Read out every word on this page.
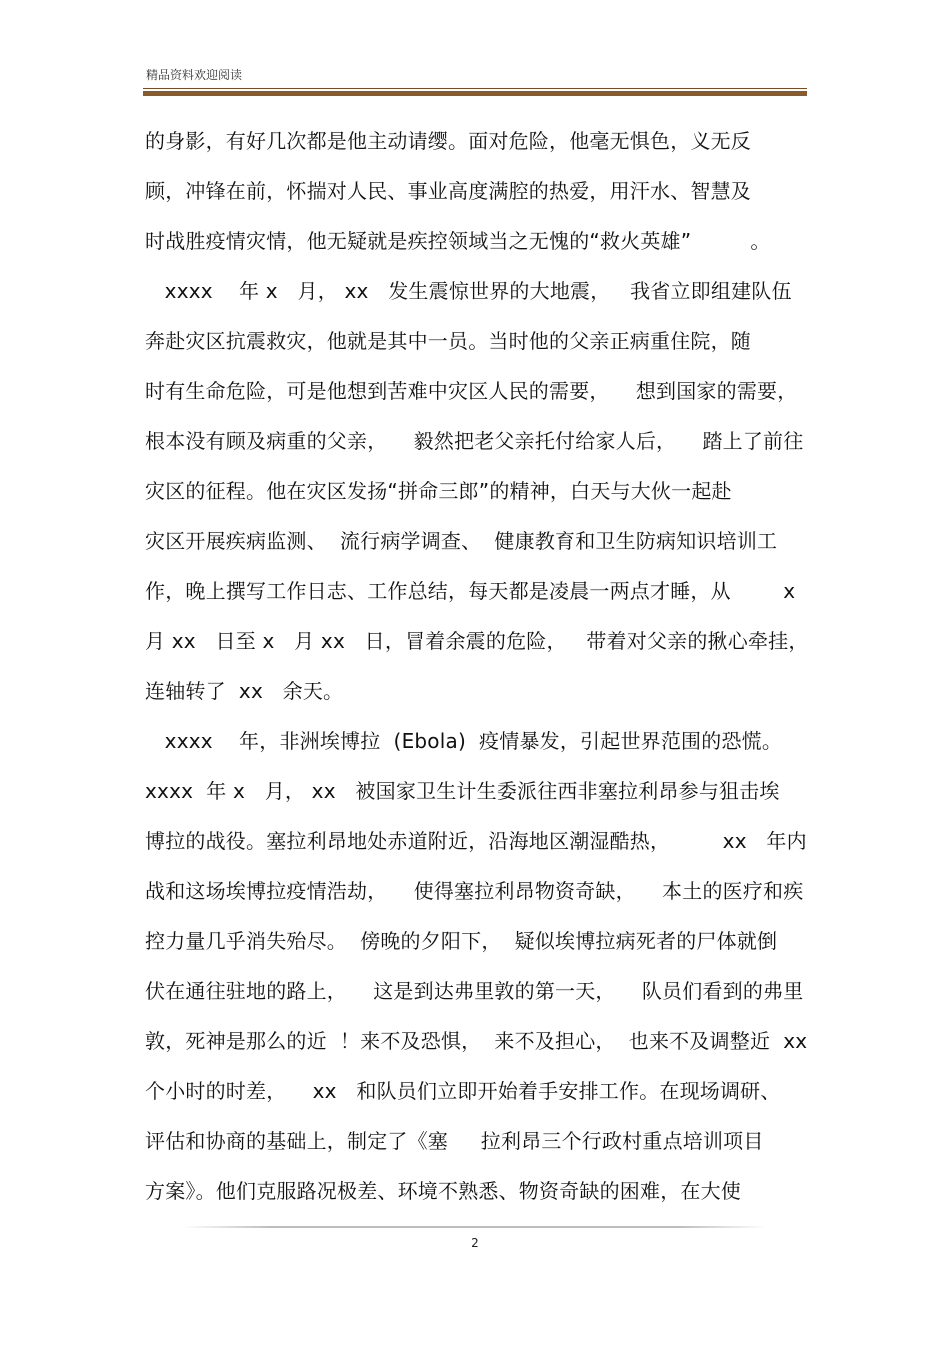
精品资料欢迎阅读
的身影，有好几次都是他主动请缨。面对危险，他毫无惧色，义无反
顾，冲锋在前，怀揣对人民、事业高度满腔的热爱，用汗水、智慧及
时战胜疫情灾情，他无疑就是疾控领域当之无愧的“救火英雄”         。
xxxx    年 x   月， xx   发生震惊世界的大地震，   我省立即组建队伍
奔赴灾区抗震救灾，他就是其中一员。当时他的父亲正病重住院，随
时有生命危险，可是他想到苦难中灾区人民的需要，    想到国家的需要，
根本没有顾及病重的父亲，    毅然把老父亲托付给家人后，    踏上了前往
灾区的征程。他在灾区发扬“拼命三郎”的精神，白天与大伙一起赴
灾区开展疾病监测、  流行病学调查、  健康教育和卫生防病知识培训工
作，晚上撰写工作日志、工作总结，每天都是凌晨一两点才睡，从        x
月 xx   日至 x   月 xx   日，冒着余震的危险，   带着对父亲的揪心牵挂，
连轴转了  xx   余天。
xxxx    年，非洲埃博拉  (Ebola)  疫情暴发，引起世界范围的恐慌。
xxxx  年 x   月， xx   被国家卫生计生委派往西非塞拉利昂参与狙击埃
博拉的战役。塞拉利昂地处赤道附近，沿海地区潮湿酷热，        xx   年内
战和这场埃博拉疫情浩劫，    使得塞拉利昂物资奇缺，    本土的医疗和疾
控力量几乎消失殆尽。  傍晚的夕阳下，  疑似埃博拉病死者的尸体就倒
伏在通往驻地的路上，    这是到达弗里敦的第一天，    队员们看到的弗里
敦，死神是那么的近  ！来不及恐惧，  来不及担心，  也来不及调整近  xx
个小时的时差，    xx   和队员们立即开始着手安排工作。在现场调研、
评估和协商的基础上，制定了《塞     拉利昂三个行政村重点培训项目
方案》。他们克服路况极差、环境不熟悉、物资奇缺的困难，在大使
2
